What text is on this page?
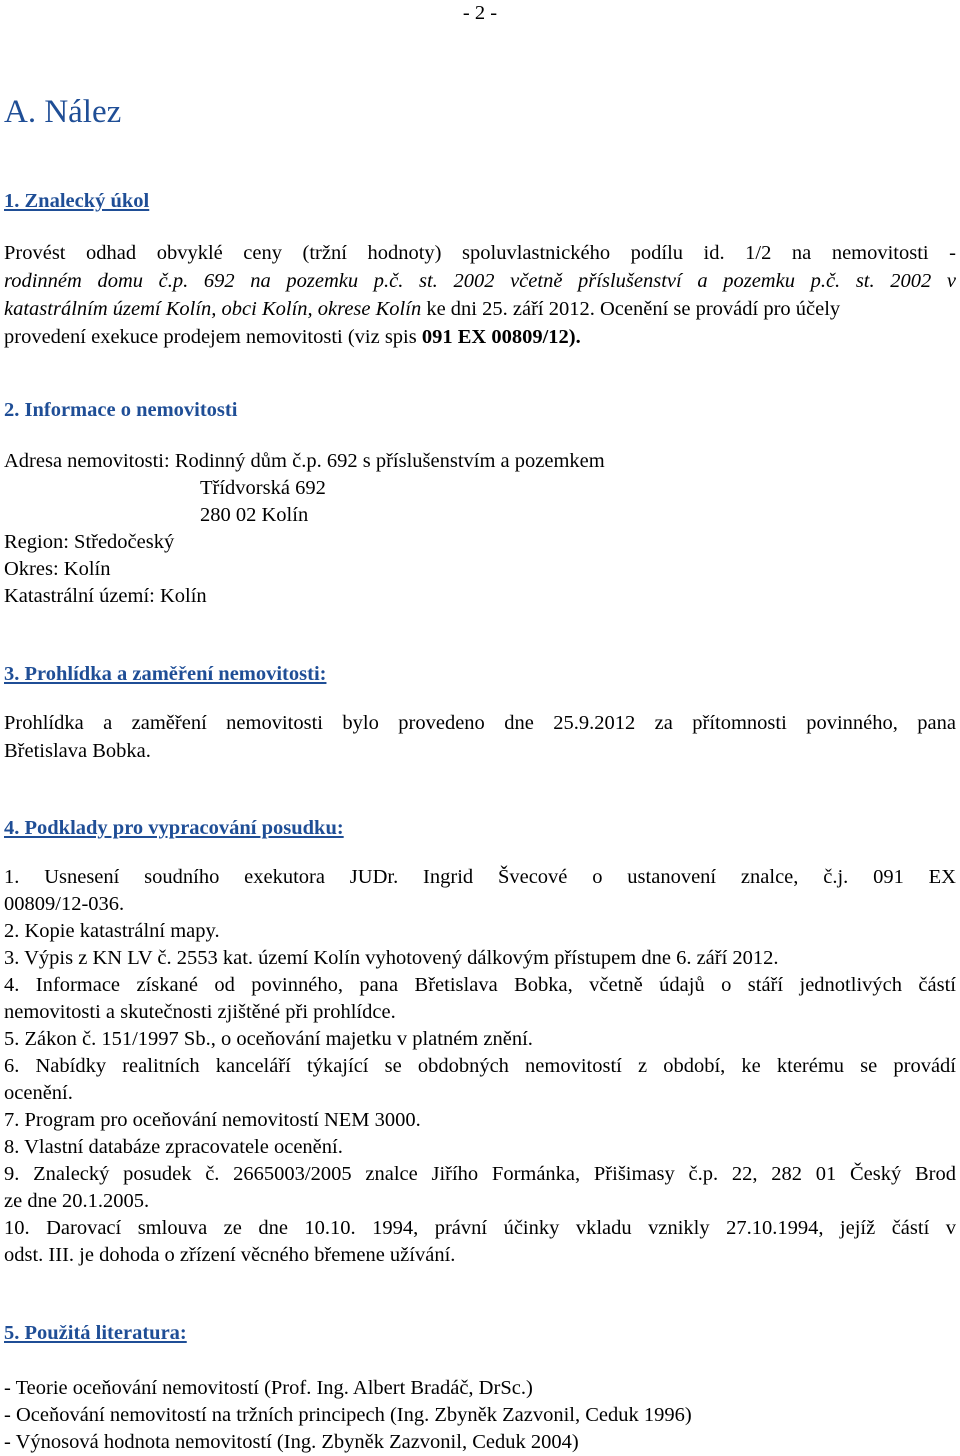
- 2 -
A. Nález

1. Znalecký úkol

Provést odhad obvyklé ceny (tržní hodnoty) spoluvlastnického podílu id. 1/2 na nemovitosti -

rodinném domu č.p. 692 na pozemku p.č. st. 2002 včetně příslušenství a pozemku p.č. st. 2002 v

katastrálním území Kolín, obci Kolín, okrese Kolín ke dni 25. září 2012. Ocenění se provádí pro účely

provedení exekuce prodejem nemovitosti (viz spis 091 EX 00809/12).

2. Informace o nemovitosti

Adresa nemovitosti: Rodinný dům č.p. 692 s příslušenstvím a pozemkem

Třídvorská 692

280 02 Kolín

Region: Středočeský

Okres: Kolín

Katastrální území: Kolín

3. Prohlídka a zaměření nemovitosti:

Prohlídka a zaměření nemovitosti bylo provedeno dne 25.9.2012 za přítomnosti povinného, pana

Břetislava Bobka.

4. Podklady pro vypracování posudku:

1. Usnesení soudního exekutora JUDr. Ingrid Švecové o ustanovení znalce, č.j. 091 EX

00809/12-036.

2. Kopie katastrální mapy.

3. Výpis z KN LV č. 2553 kat. území Kolín vyhotovený dálkovým přístupem dne 6. září 2012.

4. Informace získané od povinného, pana Břetislava Bobka, včetně údajů o stáří jednotlivých částí

nemovitosti a skutečnosti zjištěné při prohlídce.

5. Zákon č. 151/1997 Sb., o oceňování majetku v platném znění.

6. Nabídky realitních kanceláří týkající se obdobných nemovitostí z období, ke kterému se provádí

ocenění.

7. Program pro oceňování nemovitostí NEM 3000.

8. Vlastní databáze zpracovatele ocenění.

9. Znalecký posudek č. 2665003/2005 znalce Jiřího Formánka, Přišimasy č.p. 22, 282 01 Český Brod

ze dne 20.1.2005.

10. Darovací smlouva ze dne 10.10. 1994, právní účinky vkladu vznikly 27.10.1994, jejíž částí v

odst. III. je dohoda o zřízení věcného břemene užívání.

5. Použitá literatura:

- Teorie oceňování nemovitostí (Prof. Ing. Albert Bradáč, DrSc.)

- Oceňování nemovitostí na tržních principech (Ing. Zbyněk Zazvonil, Ceduk 1996)

- Výnosová hodnota nemovitostí (Ing. Zbyněk Zazvonil, Ceduk 2004)
